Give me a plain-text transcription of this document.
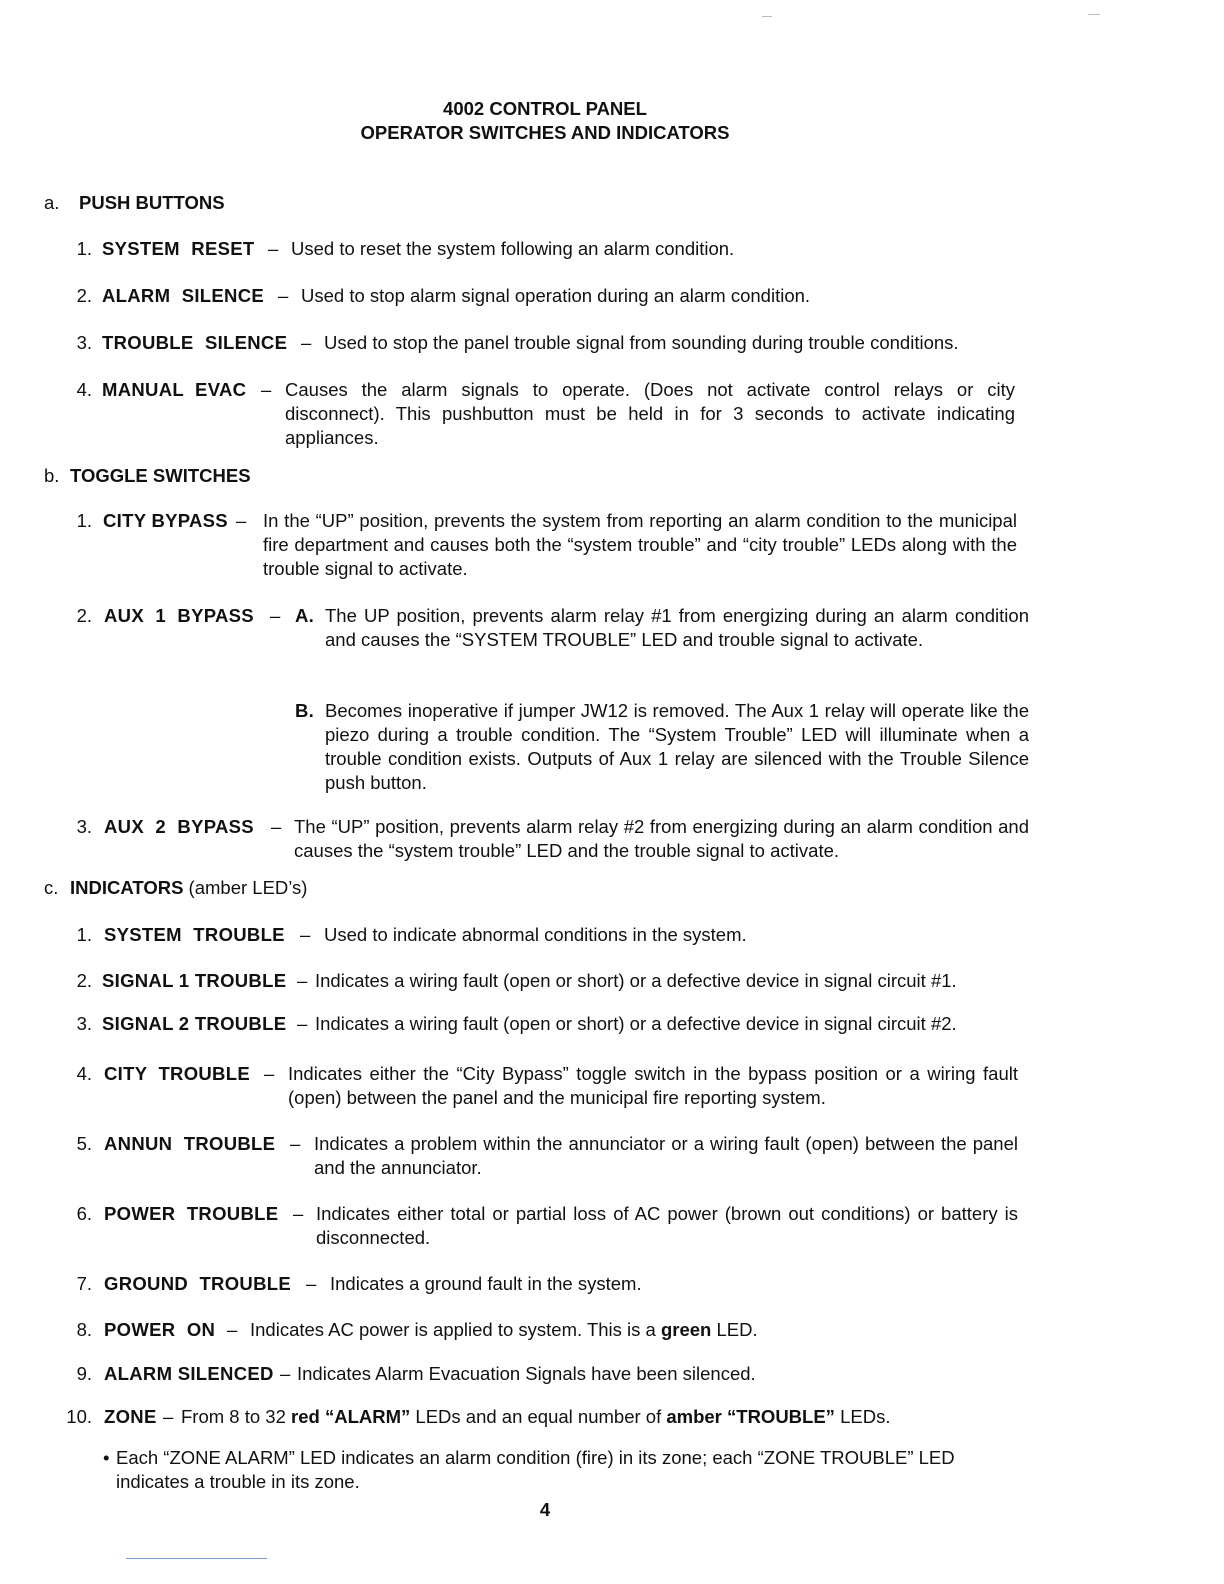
4002 CONTROL PANEL
OPERATOR SWITCHES AND INDICATORS
a. PUSH BUTTONS
1. SYSTEM RESET – Used to reset the system following an alarm condition.
2. ALARM SILENCE – Used to stop alarm signal operation during an alarm condition.
3. TROUBLE SILENCE – Used to stop the panel trouble signal from sounding during trouble conditions.
4. MANUAL EVAC – Causes the alarm signals to operate. (Does not activate control relays or city disconnect). This pushbutton must be held in for 3 seconds to activate indicating appliances.
b. TOGGLE SWITCHES
1. CITY BYPASS – In the “UP” position, prevents the system from reporting an alarm condition to the municipal fire department and causes both the “system trouble” and “city trouble” LEDs along with the trouble signal to activate.
2. AUX 1 BYPASS – A. The UP position, prevents alarm relay #1 from energizing during an alarm condition and causes the “SYSTEM TROUBLE” LED and trouble signal to activate.
B. Becomes inoperative if jumper JW12 is removed. The Aux 1 relay will operate like the piezo during a trouble condition. The “System Trouble” LED will illuminate when a trouble condition exists. Outputs of Aux 1 relay are silenced with the Trouble Silence push button.
3. AUX 2 BYPASS – The “UP” position, prevents alarm relay #2 from energizing during an alarm condition and causes the “system trouble” LED and the trouble signal to activate.
c. INDICATORS (amber LED’s)
1. SYSTEM TROUBLE – Used to indicate abnormal conditions in the system.
2. SIGNAL 1 TROUBLE – Indicates a wiring fault (open or short) or a defective device in signal circuit #1.
3. SIGNAL 2 TROUBLE – Indicates a wiring fault (open or short) or a defective device in signal circuit #2.
4. CITY TROUBLE – Indicates either the “City Bypass” toggle switch in the bypass position or a wiring fault (open) between the panel and the municipal fire reporting system.
5. ANNUN TROUBLE – Indicates a problem within the annunciator or a wiring fault (open) between the panel and the annunciator.
6. POWER TROUBLE – Indicates either total or partial loss of AC power (brown out conditions) or battery is disconnected.
7. GROUND TROUBLE – Indicates a ground fault in the system.
8. POWER ON – Indicates AC power is applied to system. This is a green LED.
9. ALARM SILENCED – Indicates Alarm Evacuation Signals have been silenced.
10. ZONE – From 8 to 32 red “ALARM” LEDs and an equal number of amber “TROUBLE” LEDs.
• Each “ZONE ALARM” LED indicates an alarm condition (fire) in its zone; each “ZONE TROUBLE” LED indicates a trouble in its zone.
4
